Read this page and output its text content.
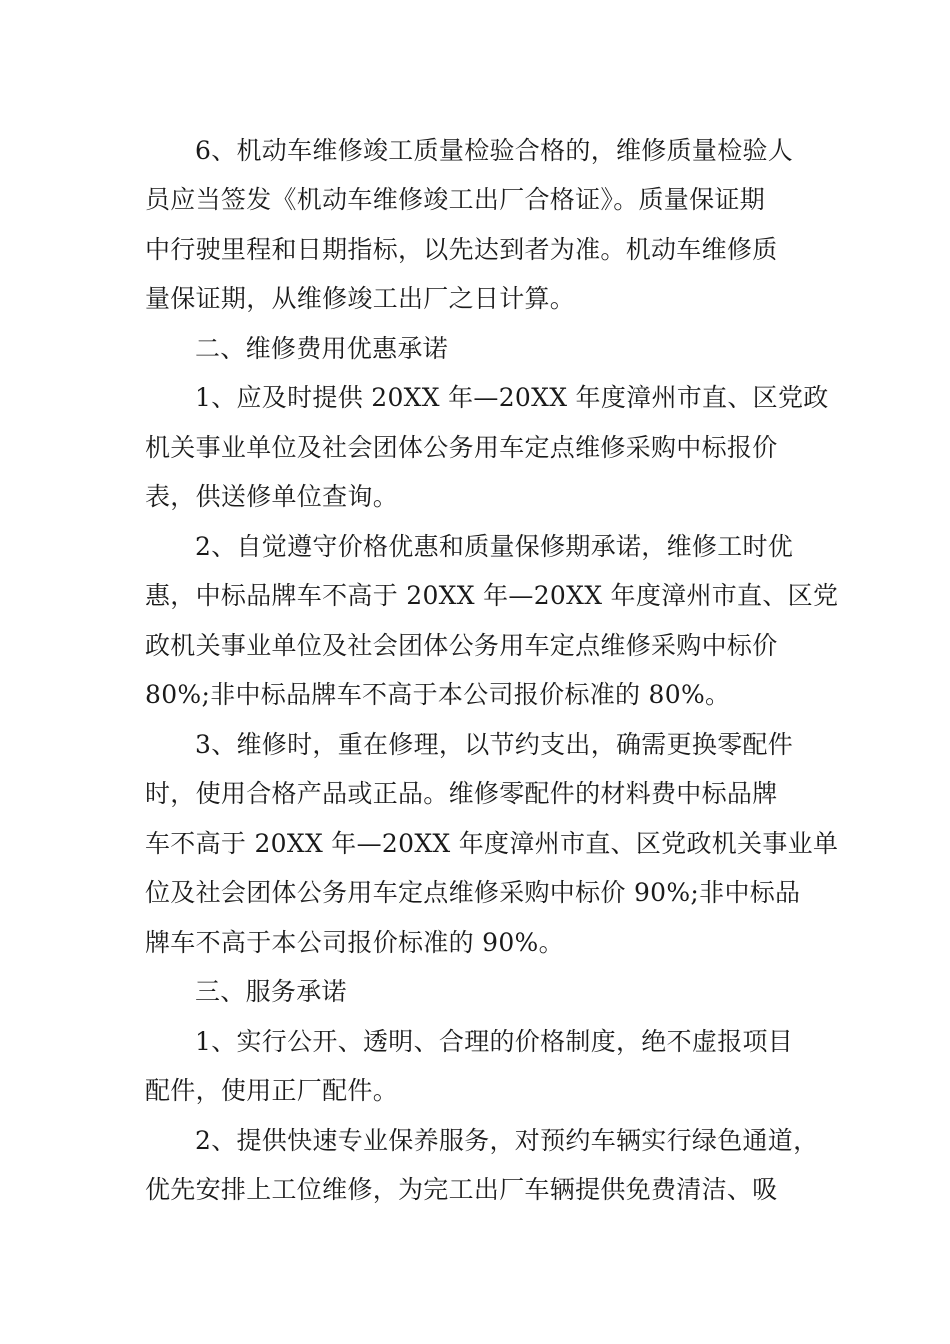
6、机动车维修竣工质量检验合格的，维修质量检验人
员应当签发《机动车维修竣工出厂合格证》。质量保证期
中行驶里程和日期指标，以先达到者为准。机动车维修质
量保证期，从维修竣工出厂之日计算。
二、维修费用优惠承诺
1、应及时提供 20XX 年—20XX 年度漳州市直、区党政
机关事业单位及社会团体公务用车定点维修采购中标报价
表，供送修单位查询。
2、自觉遵守价格优惠和质量保修期承诺，维修工时优
惠，中标品牌车不高于 20XX 年—20XX 年度漳州市直、区党
政机关事业单位及社会团体公务用车定点维修采购中标价
80%;非中标品牌车不高于本公司报价标准的 80%。
3、维修时，重在修理，以节约支出，确需更换零配件
时，使用合格产品或正品。维修零配件的材料费中标品牌
车不高于 20XX 年—20XX 年度漳州市直、区党政机关事业单
位及社会团体公务用车定点维修采购中标价 90%;非中标品
牌车不高于本公司报价标准的 90%。
三、服务承诺
1、实行公开、透明、合理的价格制度，绝不虚报项目
配件，使用正厂配件。
2、提供快速专业保养服务，对预约车辆实行绿色通道，
优先安排上工位维修，为完工出厂车辆提供免费清洁、吸
